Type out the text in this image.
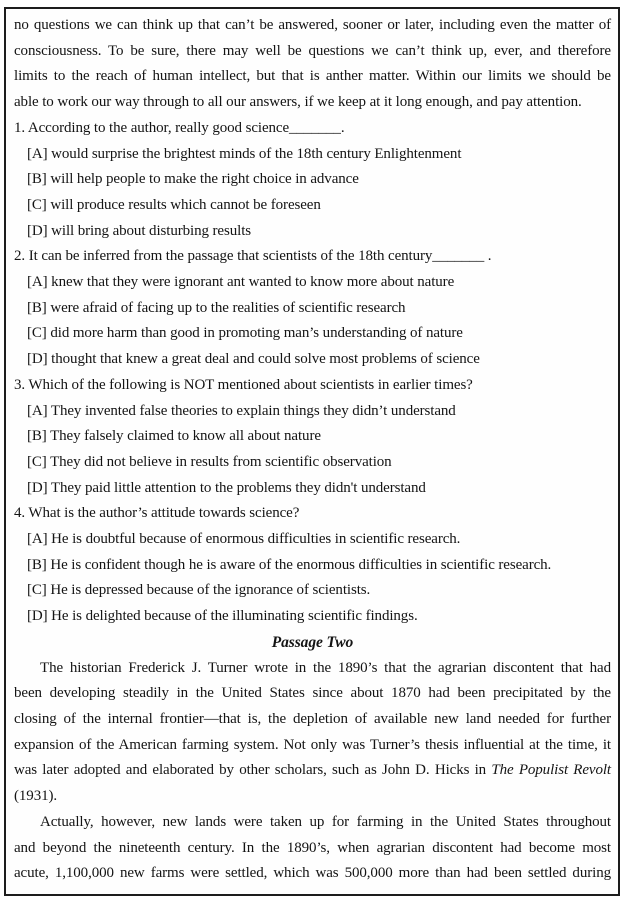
no questions we can think up that can’t be answered, sooner or later, including even the matter of
consciousness. To be sure, there may well be questions we can’t think up, ever, and therefore
limits to the reach of human intellect, but that is anther matter. Within our limits we should be
able to work our way through to all our answers, if we keep at it long enough, and pay attention.
1. According to the author, really good science_______.
[A] would surprise the brightest minds of the 18th century Enlightenment
[B] will help people to make the right choice in advance
[C] will produce results which cannot be foreseen
[D] will bring about disturbing results
2. It can be inferred from the passage that scientists of the 18th century_______ .
[A] knew that they were ignorant ant wanted to know more about nature
[B] were afraid of facing up to the realities of scientific research
[C] did more harm than good in promoting man’s understanding of nature
[D] thought that knew a great deal and could solve most problems of science
3. Which of the following is NOT mentioned about scientists in earlier times?
[A] They invented false theories to explain things they didn’t understand
[B] They falsely claimed to know all about nature
[C] They did not believe in results from scientific observation
[D] They paid little attention to the problems they didn't understand
4. What is the author’s attitude towards science?
[A] He is doubtful because of enormous difficulties in scientific research.
[B] He is confident though he is aware of the enormous difficulties in scientific research.
[C] He is depressed because of the ignorance of scientists.
[D] He is delighted because of the illuminating scientific findings.
Passage Two
The historian Frederick J. Turner wrote in the 1890’s that the agrarian discontent that had
been developing steadily in the United States since about 1870 had been precipitated by the
closing of the internal frontier—that is, the depletion of available new land needed for further
expansion of the American farming system. Not only was Turner’s thesis influential at the time, it
was later adopted and elaborated by other scholars, such as John D. Hicks in The Populist Revolt
(1931).
Actually, however, new lands were taken up for farming in the United States throughout
and beyond the nineteenth century. In the 1890’s, when agrarian discontent had become most
acute, 1,100,000 new farms were settled, which was 500,000 more than had been settled during
